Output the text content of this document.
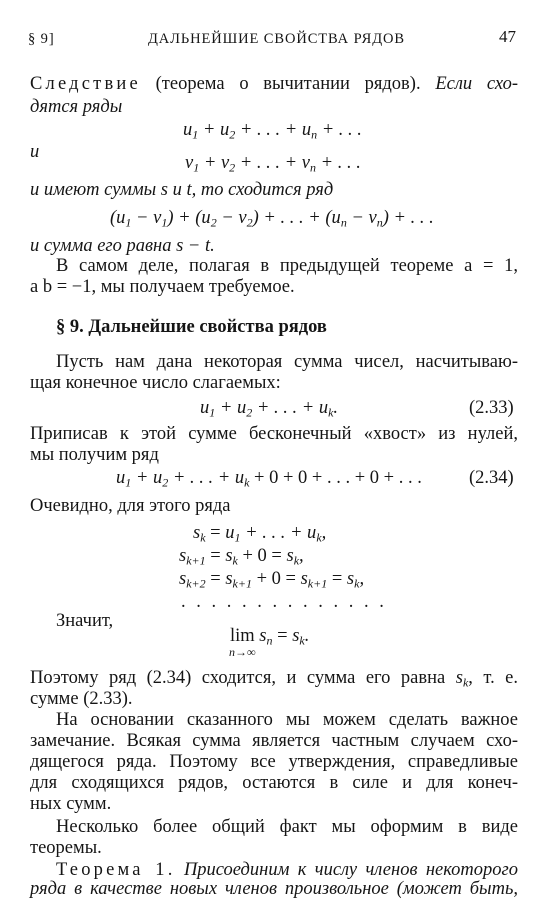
§ 9]	ДАЛЬНЕЙШИЕ СВОЙСТВА РЯДОВ	47
Следствие (теорема о вычитании рядов). Если схо-
дятся ряды
$u_1 + u_2$ + . . . + $u_n$ + . . .
и
$v_1 + v_2$ + . . . + $v_n$ + . . .
и имеют суммы s и t, то сходится ряд
$(u_1 - v_1) + (u_2 - v_2)$ + . . . + $(u_n - v_n)$ + . . .
и сумма его равна s − t.
В самом деле, полагая в предыдущей теореме a = 1,
a b = −1, мы получаем требуемое.
§ 9. Дальнейшие свойства рядов
Пусть нам дана некоторая сумма чисел, насчитываю-
щая конечное число слагаемых:
$u_1 + u_2$ + . . . + $u_k$.	(2.33)
Приписав к этой сумме бесконечный «хвост» из нулей,
мы получим ряд
$u_1 + u_2$ + . . . + $u_k + 0 + 0$ + . . . + 0 + . . .	(2.34)
Очевидно, для этого ряда
$s_k = u_1$ + . . . + $u_k$,
$s_{k+1} = s_k + 0 = s_k$,
$s_{k+2} = s_{k+1} + 0 = s_{k+1} = s_k$,
. . . . . . . . . . . . . .
Значит,
$\lim s_n = s_k$.
n→∞
Поэтому ряд (2.34) сходится, и сумма его равна $s_k$, т. е.
сумме (2.33).
На основании сказанного мы можем сделать важное
замечание. Всякая сумма является частным случаем схо-
дящегося ряда. Поэтому все утверждения, справедливые
для сходящихся рядов, остаются в силе и для конеч-
ных сумм.
Несколько более общий факт мы оформим в виде
теоремы.
Теорема 1. Присоединим к числу членов некоторого
ряда в качестве новых членов произвольное (может быть,
